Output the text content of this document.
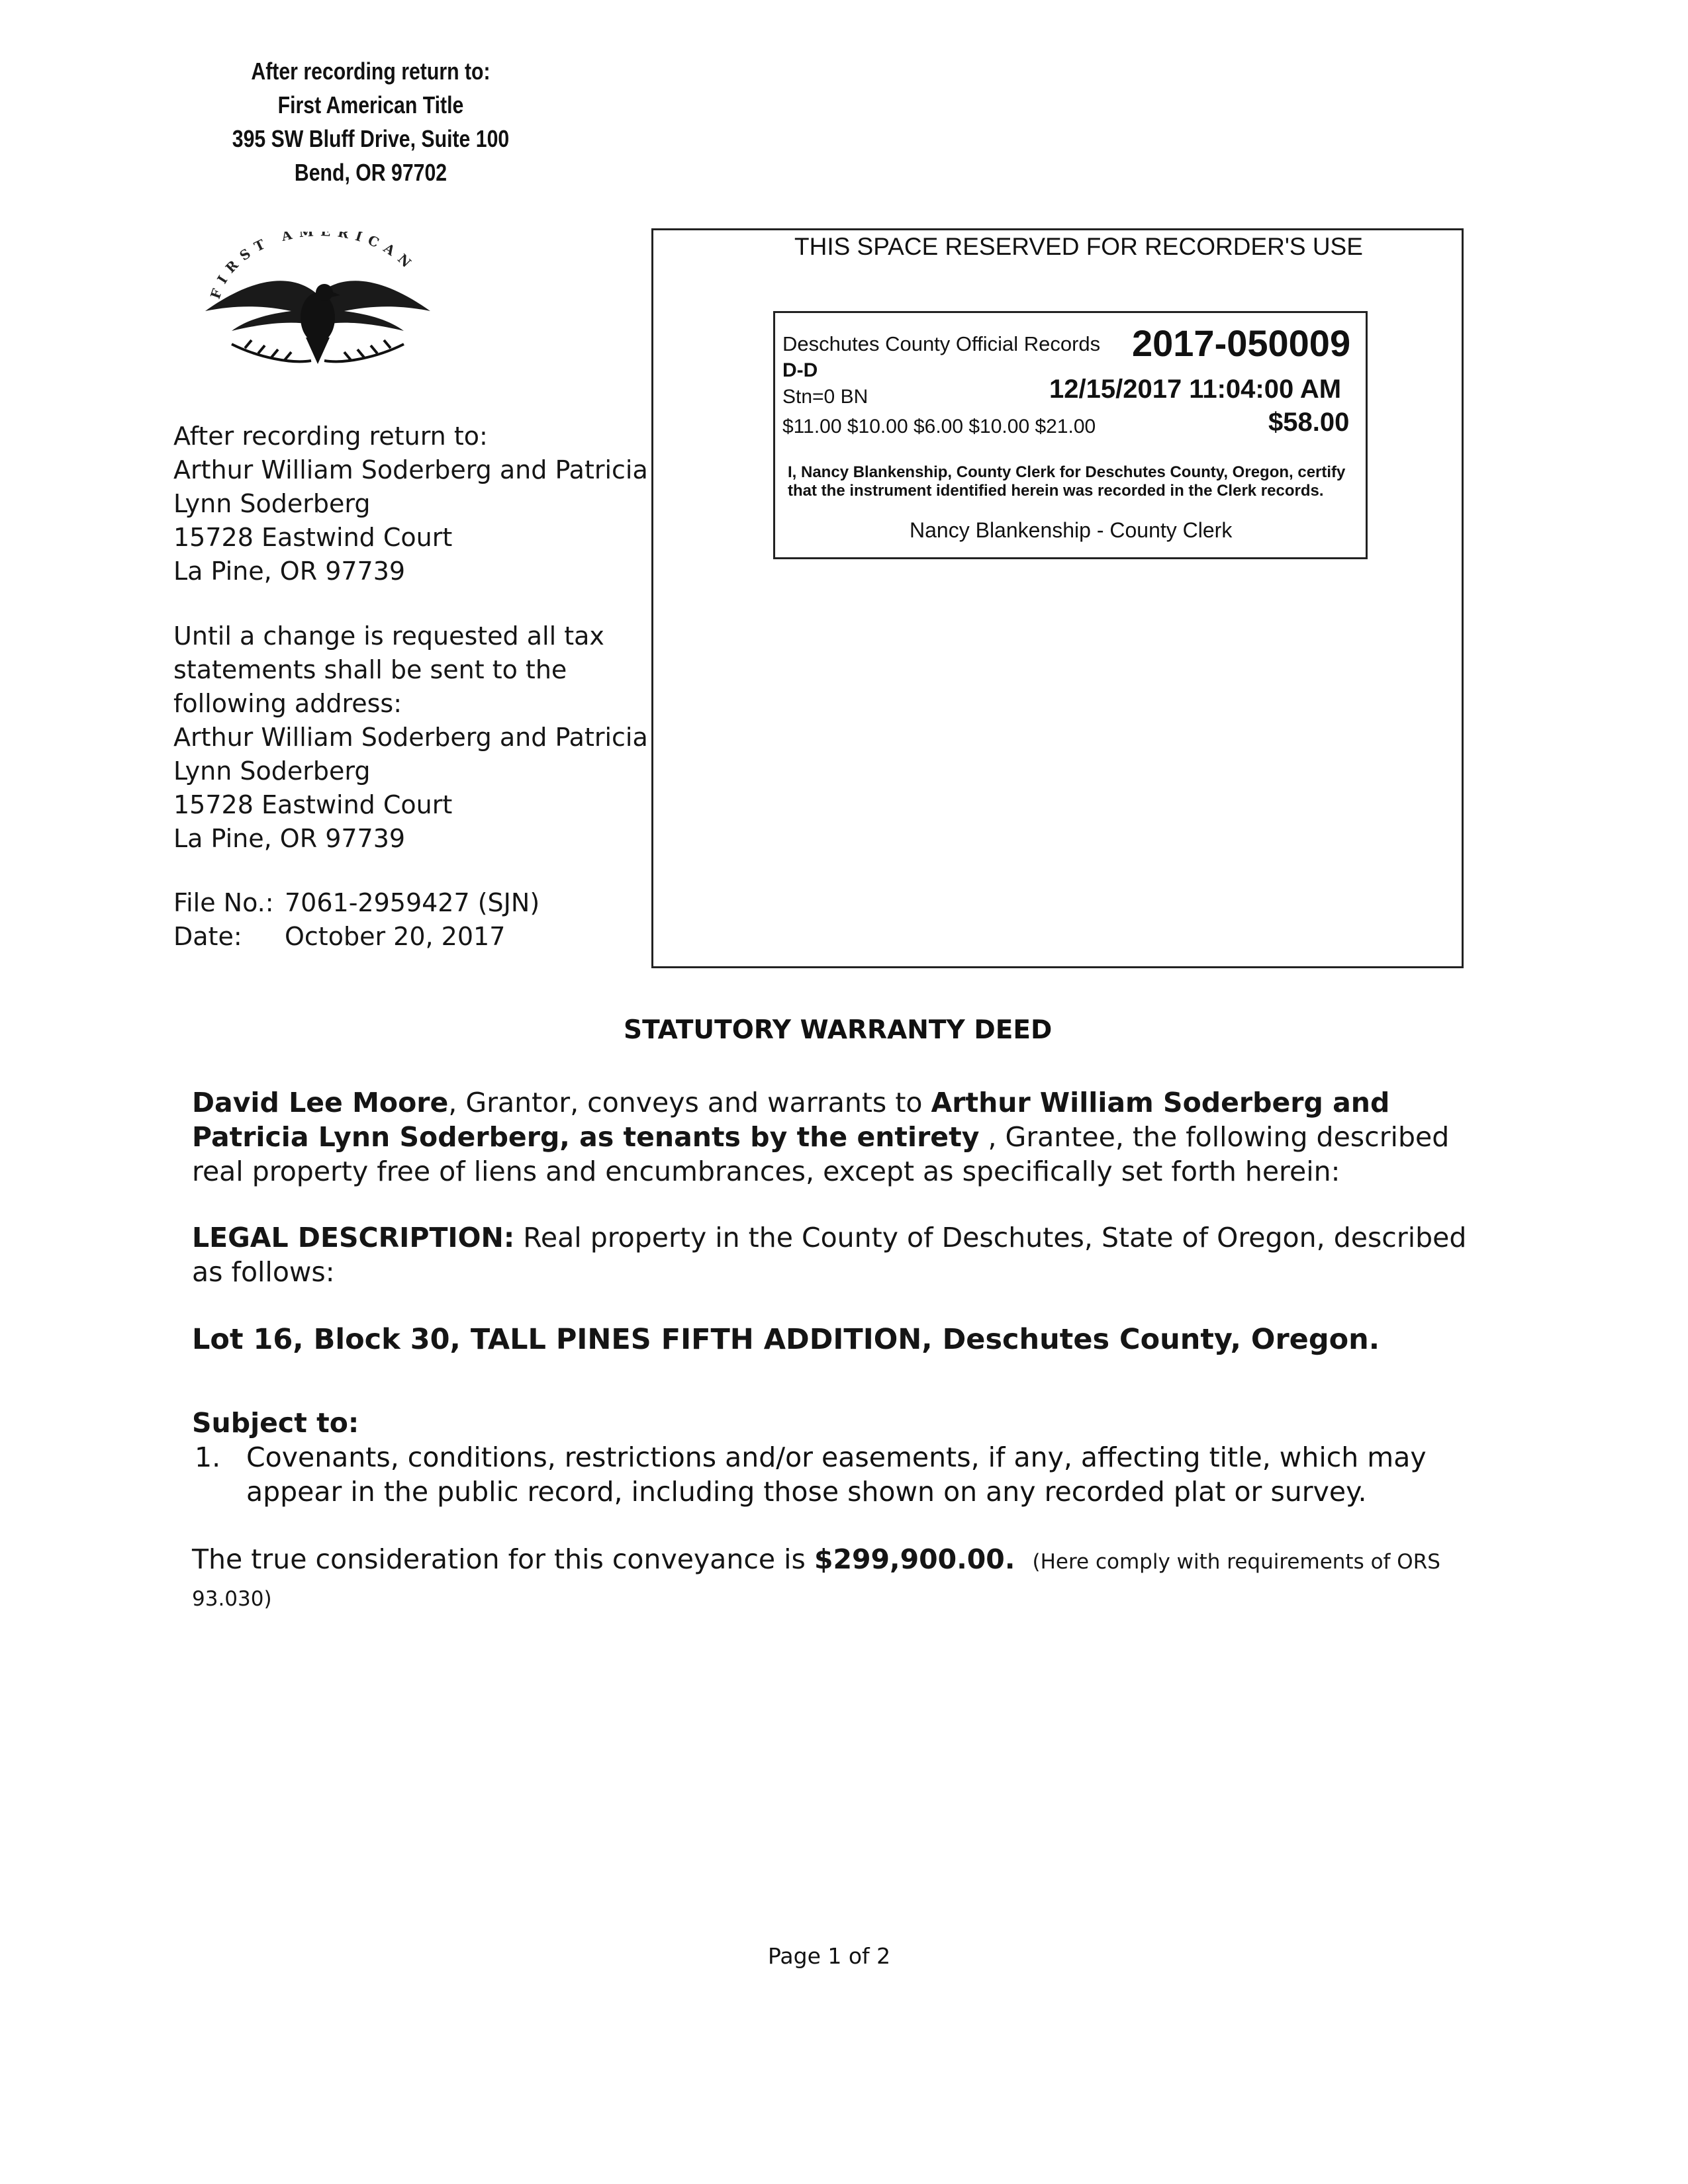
After recording return to:
First American Title
395 SW Bluff Drive, Suite 100
Bend, OR 97702
FIRST AM RICAN
After recording return to:
Arthur William Soderberg and Patricia
Lynn Soderberg
15728 Eastwind Court
La Pine, OR 97739
Until a change is requested all tax
statements shall be sent to the
following address:
Arthur William Soderberg and Patricia
Lynn Soderberg
15728 Eastwind Court
La Pine, OR 97739
File No.: 7061-2959427 (SJN)
Date: October 20, 2017
THIS SPACE RESERVED FOR RECORDER'S USE
Deschutes County Official Records 2017-050009
D-D
Stn=0 BN	12/15/2017 11:04:00 AM
$11.00 $10.00 $6.00 $10.00 $21.00	$58.00
I, Nancy Blankenship, County Clerk for Deschutes County, Oregon, certify that the instrument identified herein was recorded in the Clerk records.
Nancy Blankenship - County Clerk
STATUTORY WARRANTY DEED
David Lee Moore, Grantor, conveys and warrants to Arthur William Soderberg and Patricia Lynn Soderberg, as tenants by the entirety , Grantee, the following described real property free of liens and encumbrances, except as specifically set forth herein:
LEGAL DESCRIPTION: Real property in the County of Deschutes, State of Oregon, described as follows:
Lot 16, Block 30, TALL PINES FIFTH ADDITION, Deschutes County, Oregon.
Subject to:
1. Covenants, conditions, restrictions and/or easements, if any, affecting title, which may appear in the public record, including those shown on any recorded plat or survey.
The true consideration for this conveyance is $299,900.00. (Here comply with requirements of ORS 93.030)
Page 1 of 2
